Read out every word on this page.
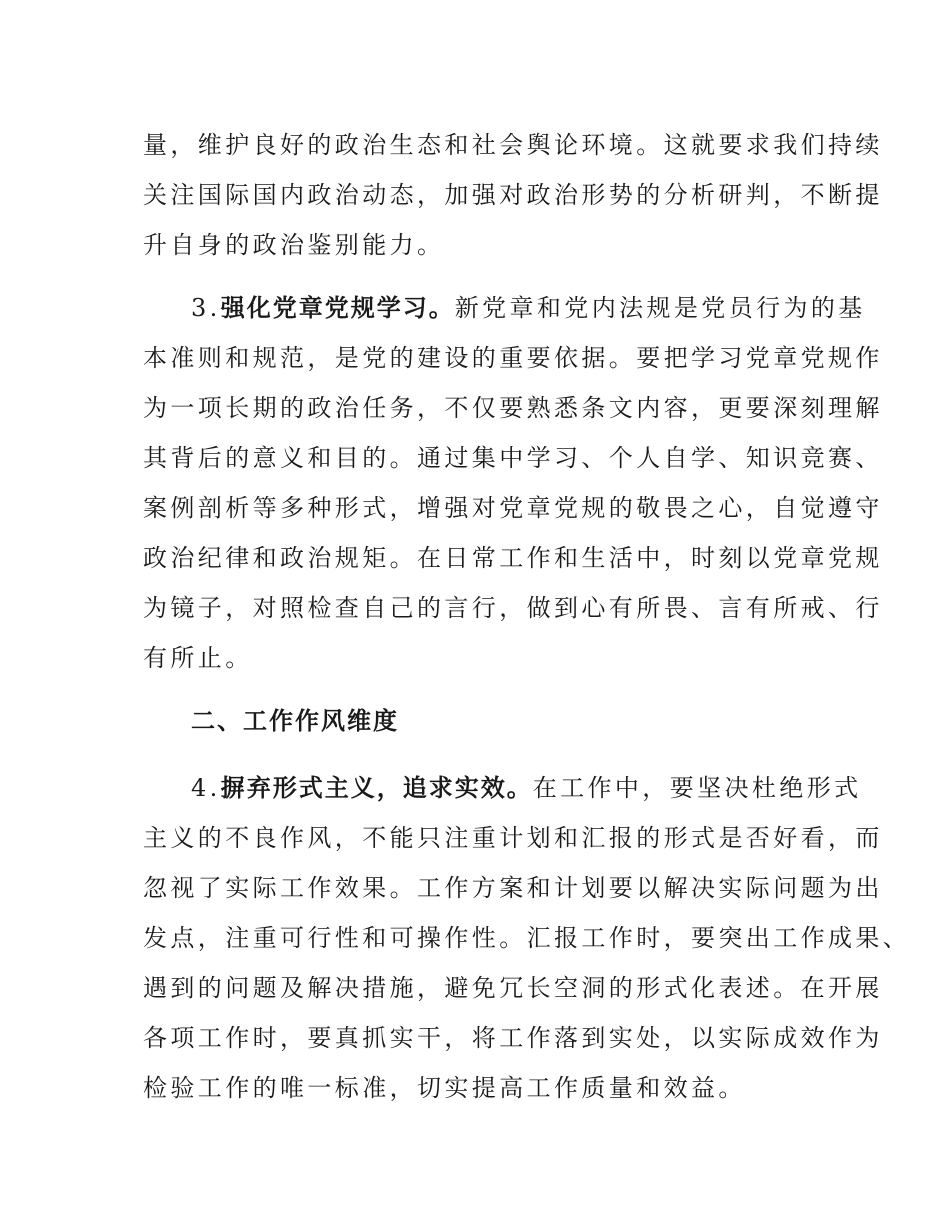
量，维护良好的政治生态和社会舆论环境。这就要求我们持续
关注国际国内政治动态，加强对政治形势的分析研判，不断提
升自身的政治鉴别能力。
3.强化党章党规学习。新党章和党内法规是党员行为的基
本准则和规范，是党的建设的重要依据。要把学习党章党规作
为一项长期的政治任务，不仅要熟悉条文内容，更要深刻理解
其背后的意义和目的。通过集中学习、个人自学、知识竞赛、
案例剖析等多种形式，增强对党章党规的敬畏之心，自觉遵守
政治纪律和政治规矩。在日常工作和生活中，时刻以党章党规
为镜子，对照检查自己的言行，做到心有所畏、言有所戒、行
有所止。
二、工作作风维度
4.摒弃形式主义，追求实效。在工作中，要坚决杜绝形式
主义的不良作风，不能只注重计划和汇报的形式是否好看，而
忽视了实际工作效果。工作方案和计划要以解决实际问题为出
发点，注重可行性和可操作性。汇报工作时，要突出工作成果、
遇到的问题及解决措施，避免冗长空洞的形式化表述。在开展
各项工作时，要真抓实干，将工作落到实处，以实际成效作为
检验工作的唯一标准，切实提高工作质量和效益。
